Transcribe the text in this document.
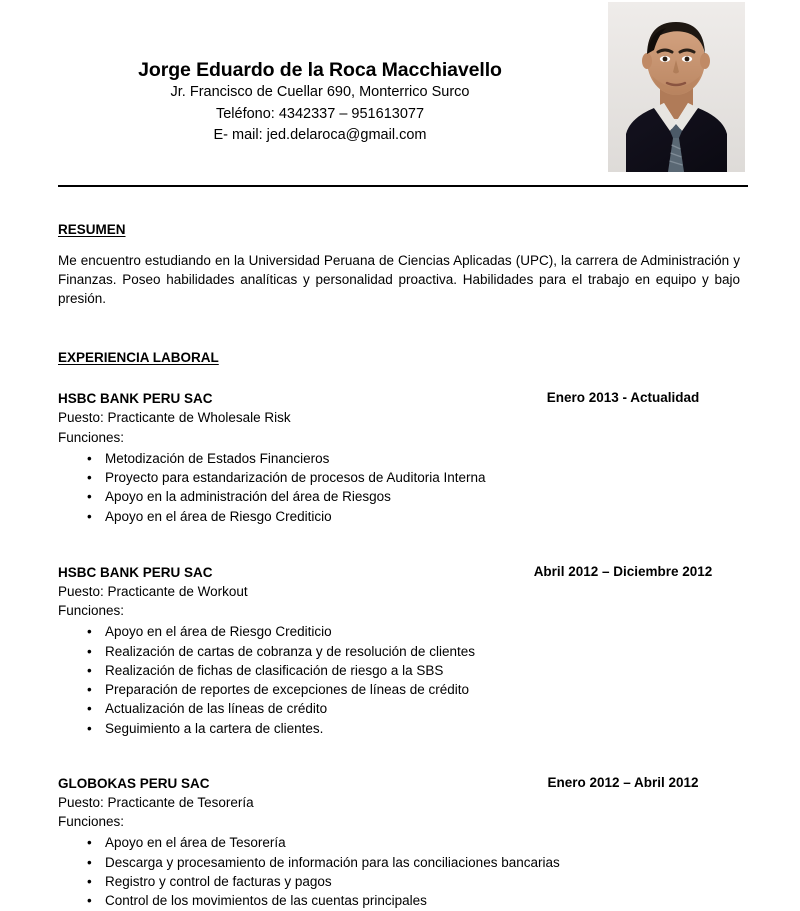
Jorge Eduardo de la Roca Macchiavello
Jr. Francisco de Cuellar 690, Monterrico Surco
Teléfono: 4342337 – 951613077
E- mail: jed.delaroca@gmail.com
RESUMEN

Me encuentro estudiando en la Universidad Peruana de Ciencias Aplicadas (UPC), la carrera de Administración y Finanzas. Poseo habilidades analíticas y personalidad proactiva. Habilidades para el trabajo en equipo y bajo presión.

EXPERIENCIA LABORAL
HSBC BANK PERU SAC	Enero 2013 - Actualidad
Puesto: Practicante de Wholesale Risk
Funciones:
• Metodización de Estados Financieros
• Proyecto para estandarización de procesos de Auditoria Interna
• Apoyo en la administración del área de Riesgos
• Apoyo en el área de Riesgo Crediticio
HSBC BANK PERU SAC	Abril 2012 – Diciembre 2012
Puesto: Practicante de Workout
Funciones:
• Apoyo en el área de Riesgo Crediticio
• Realización de cartas de cobranza y de resolución de clientes
• Realización de fichas de clasificación de riesgo a la SBS
• Preparación de reportes de excepciones de líneas de crédito
• Actualización de las líneas de crédito
• Seguimiento a la cartera de clientes.
GLOBOKAS PERU SAC	Enero 2012 – Abril 2012
Puesto: Practicante de Tesorería
Funciones:
• Apoyo en el área de Tesorería
• Descarga y procesamiento de información para las conciliaciones bancarias
• Registro y control de facturas y pagos
• Control de los movimientos de las cuentas principales
